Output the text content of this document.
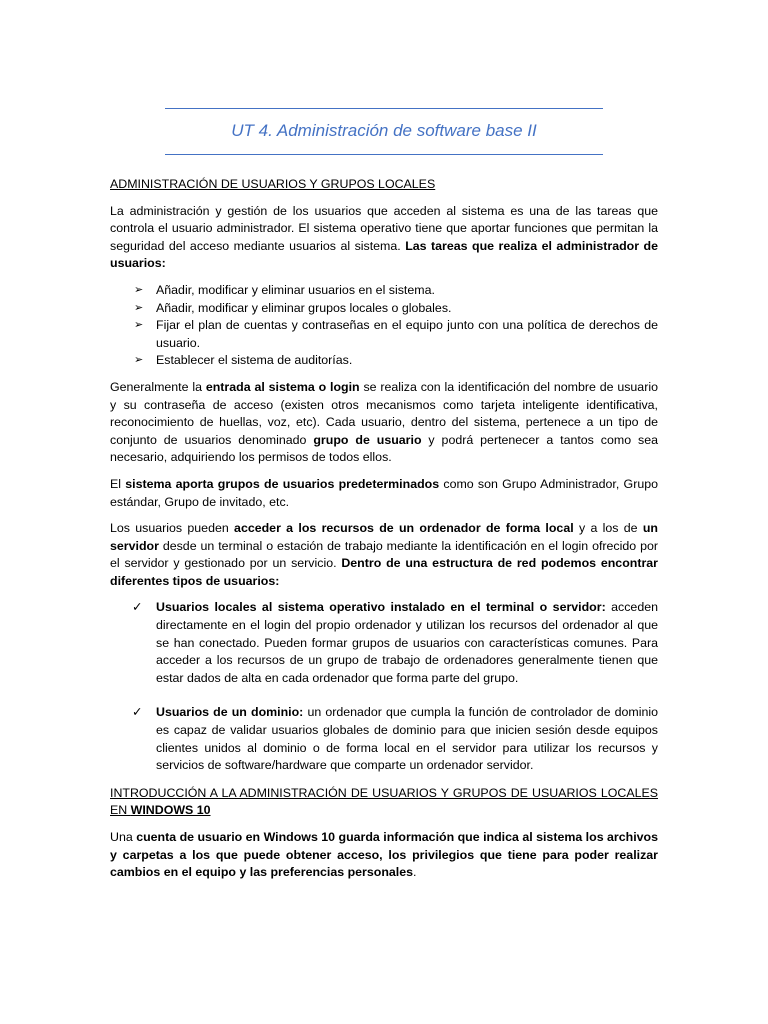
UT 4. Administración de software base II
ADMINISTRACIÓN DE USUARIOS Y GRUPOS LOCALES

La administración y gestión de los usuarios que acceden al sistema es una de las tareas que controla el usuario administrador. El sistema operativo tiene que aportar funciones que permitan la seguridad del acceso mediante usuarios al sistema. Las tareas que realiza el administrador de usuarios:

➢ Añadir, modificar y eliminar usuarios en el sistema.
➢ Añadir, modificar y eliminar grupos locales o globales.
➢ Fijar el plan de cuentas y contraseñas en el equipo junto con una política de derechos de usuario.
➢ Establecer el sistema de auditorías.

Generalmente la entrada al sistema o login se realiza con la identificación del nombre de usuario y su contraseña de acceso (existen otros mecanismos como tarjeta inteligente identificativa, reconocimiento de huellas, voz, etc). Cada usuario, dentro del sistema, pertenece a un tipo de conjunto de usuarios denominado grupo de usuario y podrá pertenecer a tantos como sea necesario, adquiriendo los permisos de todos ellos.

El sistema aporta grupos de usuarios predeterminados como son Grupo Administrador, Grupo estándar, Grupo de invitado, etc.

Los usuarios pueden acceder a los recursos de un ordenador de forma local y a los de un servidor desde un terminal o estación de trabajo mediante la identificación en el login ofrecido por el servidor y gestionado por un servicio. Dentro de una estructura de red podemos encontrar diferentes tipos de usuarios:

✓ Usuarios locales al sistema operativo instalado en el terminal o servidor: acceden directamente en el login del propio ordenador y utilizan los recursos del ordenador al que se han conectado. Pueden formar grupos de usuarios con características comunes. Para acceder a los recursos de un grupo de trabajo de ordenadores generalmente tienen que estar dados de alta en cada ordenador que forma parte del grupo.
✓ Usuarios de un dominio: un ordenador que cumpla la función de controlador de dominio es capaz de validar usuarios globales de dominio para que inicien sesión desde equipos clientes unidos al dominio o de forma local en el servidor para utilizar los recursos y servicios de software/hardware que comparte un ordenador servidor.

INTRODUCCIÓN A LA ADMINISTRACIÓN DE USUARIOS Y GRUPOS DE USUARIOS LOCALES EN WINDOWS 10

Una cuenta de usuario en Windows 10 guarda información que indica al sistema los archivos y carpetas a los que puede obtener acceso, los privilegios que tiene para poder realizar cambios en el equipo y las preferencias personales.
